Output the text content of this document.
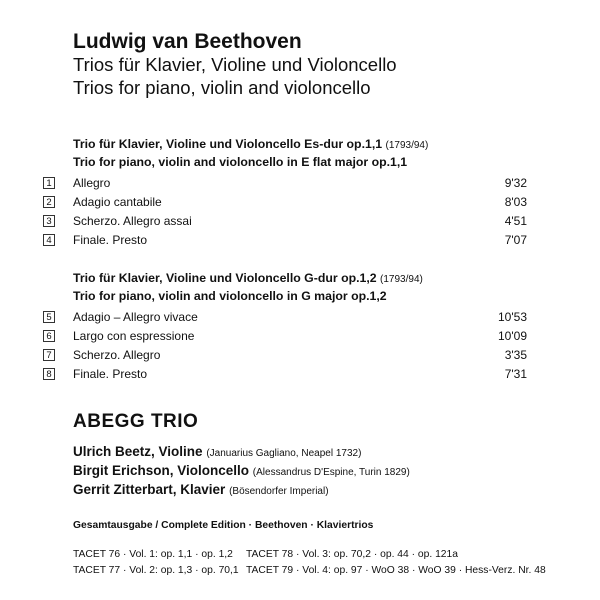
Ludwig van Beethoven
Trios für Klavier, Violine und Violoncello
Trios for piano, violin and violoncello
Trio für Klavier, Violine und Violoncello Es-dur op.1,1 (1793/94)
Trio for piano, violin and violoncello in E flat major op.1,1
1 Allegro	9'32
2 Adagio cantabile	8'03
3 Scherzo. Allegro assai	4'51
4 Finale. Presto	7'07
Trio für Klavier, Violine und Violoncello G-dur op.1,2 (1793/94)
Trio for piano, violin and violoncello in G major op.1,2
5 Adagio – Allegro vivace	10'53
6 Largo con espressione	10'09
7 Scherzo. Allegro	3'35
8 Finale. Presto	7'31
ABEGG TRIO
Ulrich Beetz, Violine (Januarius Gagliano, Neapel 1732)
Birgit Erichson, Violoncello (Alessandrus D'Espine, Turin 1829)
Gerrit Zitterbart, Klavier (Bösendorfer Imperial)
Gesamtausgabe / Complete Edition · Beethoven · Klaviertrios
TACET 76 · Vol. 1: op. 1,1 · op. 1,2 TACET 78 · Vol. 3: op. 70,2 · op. 44 · op. 121a
TACET 77 · Vol. 2: op. 1,3 · op. 70,1 TACET 79 · Vol. 4: op. 97 · WoO 38 · WoO 39 · Hess-Verz. Nr. 48
